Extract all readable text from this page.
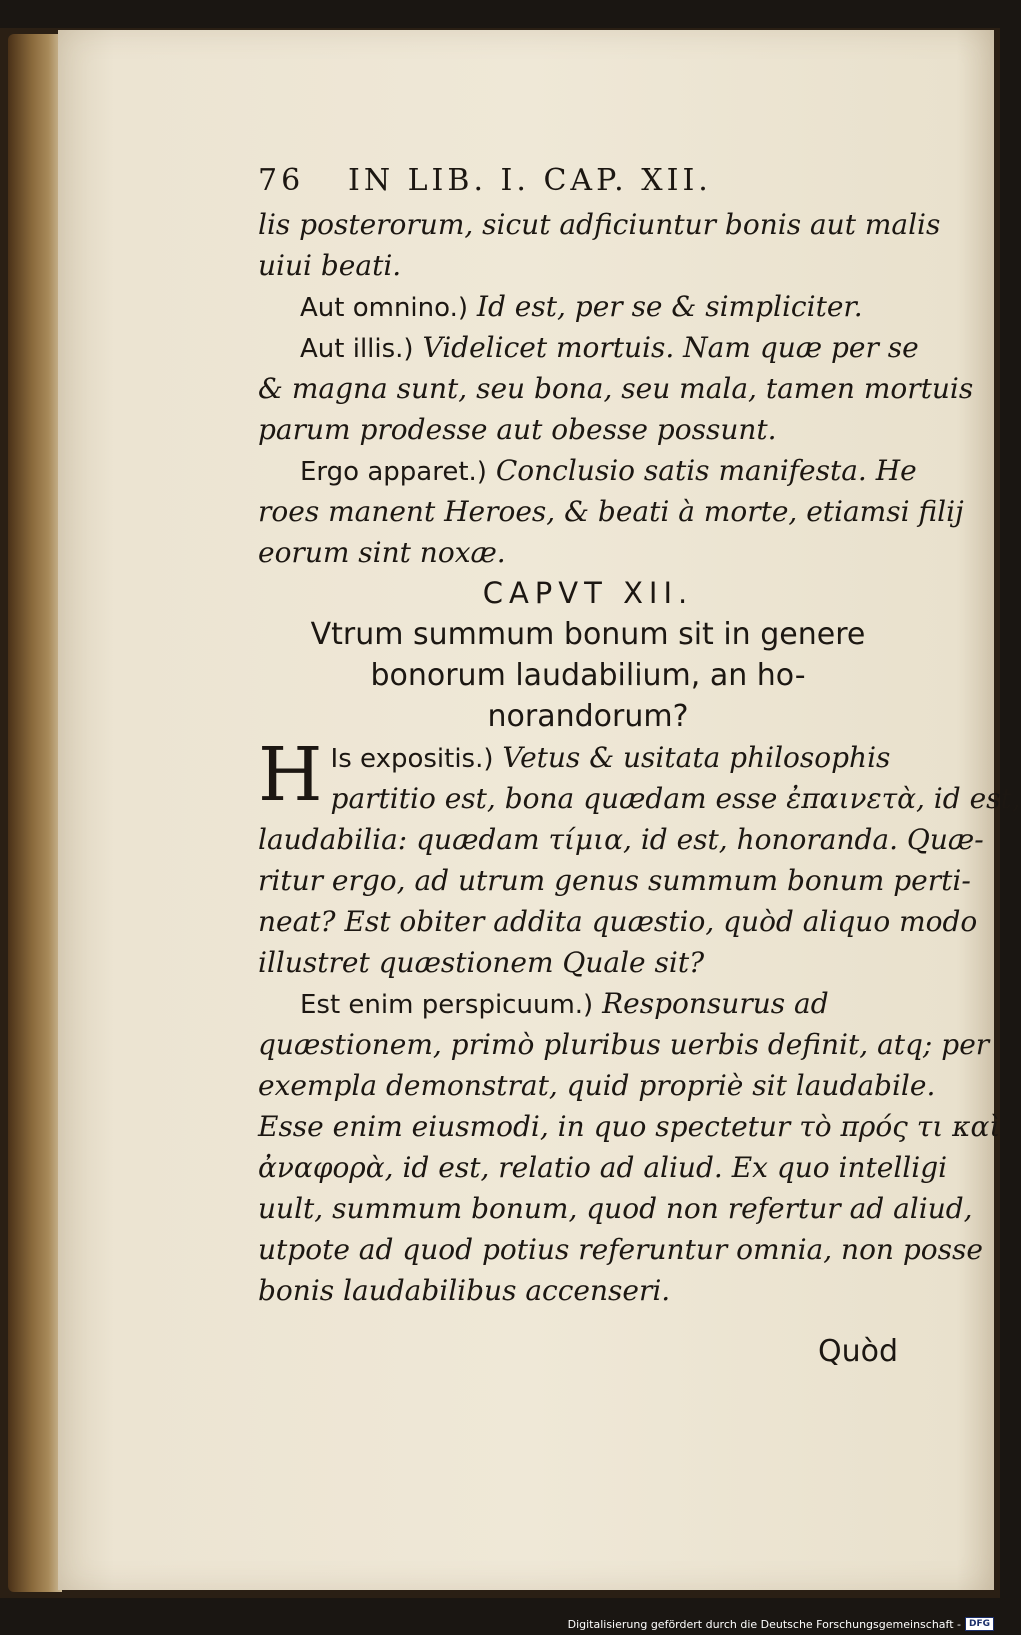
76	IN LIB. I. CAP. XII.
lis posterorum, sicut adficiuntur bonis aut malis
uiui beati.
Aut omnino.) Id est, per se & simpliciter.
Aut illis.) Videlicet mortuis. Nam quæ per se
& magna sunt, seu bona, seu mala, tamen mortuis
parum prodesse aut obesse possunt.
Ergo apparet.) Conclusio satis manifesta. He
roes manent Heroes, & beati à morte, etiamsi filij
eorum sint noxæ.
CAPVT XII.
Vtrum summum bonum sit in genere
bonorum laudabilium, an ho-
norandorum?
H Is expositis.) Vetus & usitata philosophis
partitio est, bona quædam esse ἐπαινετὰ, id est,
laudabilia: quædam τίμια, id est, honoranda. Quæ-
ritur ergo, ad utrum genus summum bonum perti-
neat? Est obiter addita quæstio, quòd aliquo modo
illustret quæstionem Quale sit?
Est enim perspicuum.) Responsurus ad
quæstionem, primò pluribus uerbis definit, atq; per
exempla demonstrat, quid propriè sit laudabile.
Esse enim eiusmodi, in quo spectetur τὸ πρός τι καὶ
ἀναφορὰ, id est, relatio ad aliud. Ex quo intelligi
uult, summum bonum, quod non refertur ad aliud,
utpote ad quod potius referuntur omnia, non posse
bonis laudabilibus accenseri.
Quòd
Digitalisierung gefördert durch die Deutsche Forschungsgemeinschaft - DFG
